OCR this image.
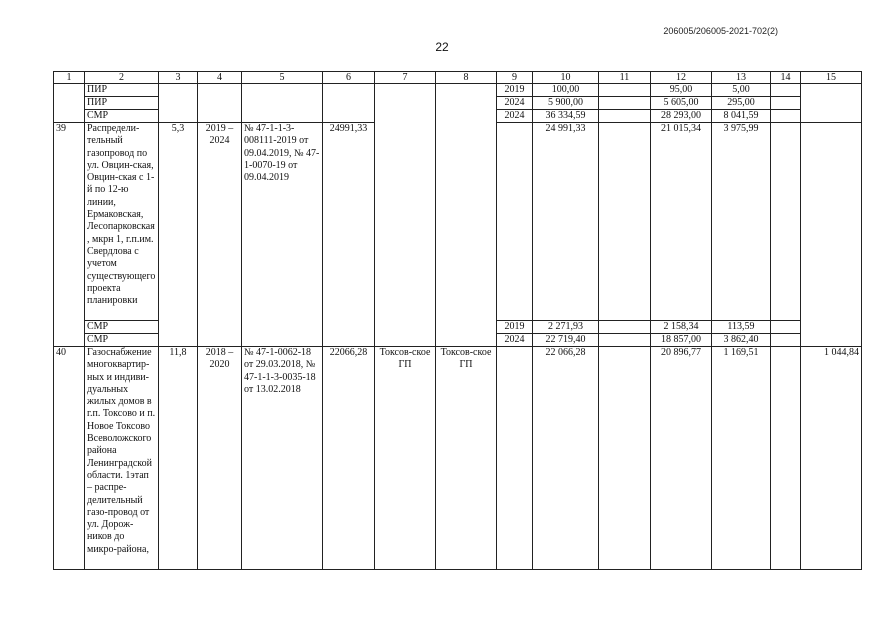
206005/206005-2021-702(2)
22
1	2	3	4	5	6	7	8	9	10	11	12	13	14	15
	ПИР							2019	100,00		95,00	5,00		
	ПИР							2024	5 900,00		5 605,00	295,00		
	СМР							2024	36 334,59		28 293,00	8 041,59		
39	Распредели-тельный газопровод по ул. Овцин-ская, Овцин-ская с 1-й по 12-ю линии, Ермаковская, Лесопарковская, мкрн 1, г.п.им. Свердлова с учетом существующего проекта планировки	5,3	2019 – 2024	№ 47-1-1-3-008111-2019 от 09.04.2019, № 47-1-0070-19 от 09.04.2019	24991,33				24 991,33		21 015,34	3 975,99		
	СМР							2019	2 271,93		2 158,34	113,59		
	СМР							2024	22 719,40		18 857,00	3 862,40		
40	Газоснабжение многоквартир-ных и индиви-дуальных жилых домов в г.п. Токсово и п. Новое Токсово Всеволожского района Ленинградской области. 1этап – распре-делительный газо-провод от ул. Дорож-ников до микро-района,	11,8	2018 – 2020	№ 47-1-0062-18 от 29.03.2018, № 47-1-1-3-0035-18 от 13.02.2018	22066,28	Токсов-ское ГП	Токсов-ское ГП		22 066,28		20 896,77	1 169,51		1 044,84
